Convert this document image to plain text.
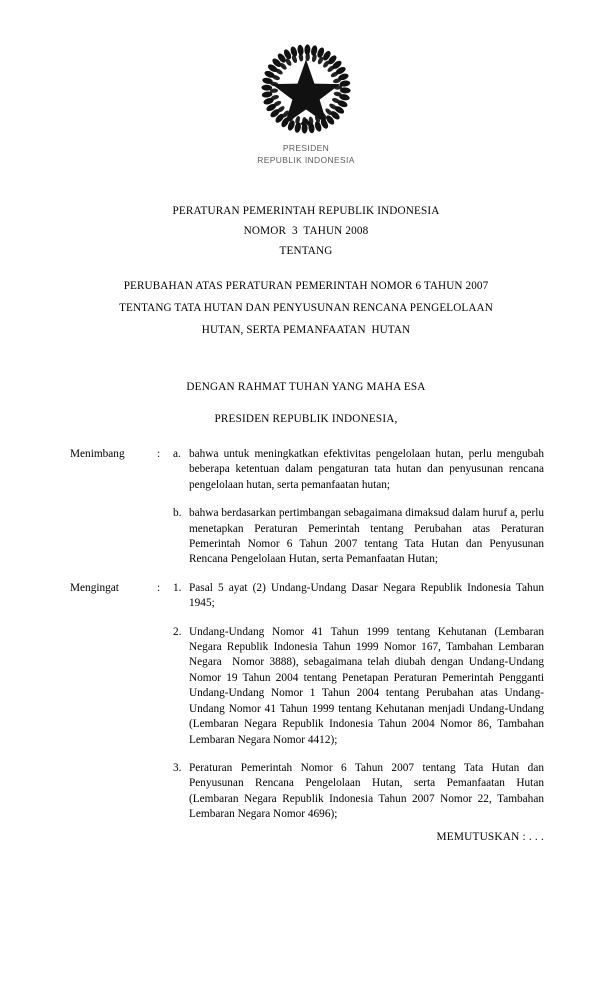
PRESIDEN
REPUBLIK INDONESIA
PERATURAN PEMERINTAH REPUBLIK INDONESIA
NOMOR  3  TAHUN 2008
TENTANG
PERUBAHAN ATAS PERATURAN PEMERINTAH NOMOR 6 TAHUN 2007
TENTANG TATA HUTAN DAN PENYUSUNAN RENCANA PENGELOLAAN
HUTAN, SERTA PEMANFAATAN  HUTAN
DENGAN RAHMAT TUHAN YANG MAHA ESA
PRESIDEN REPUBLIK INDONESIA,
Menimbang	:	a. bahwa untuk meningkatkan efektivitas pengelolaan hutan, perlu mengubah beberapa ketentuan dalam pengaturan tata hutan dan penyusunan rencana pengelolaan hutan, serta pemanfaatan hutan;
b. bahwa berdasarkan pertimbangan sebagaimana dimaksud dalam huruf a, perlu menetapkan Peraturan Pemerintah tentang Perubahan atas Peraturan Pemerintah Nomor 6 Tahun 2007 tentang Tata Hutan dan Penyusunan Rencana Pengelolaan Hutan, serta Pemanfaatan Hutan;
Mengingat	:	1. Pasal 5 ayat (2) Undang-Undang Dasar Negara Republik Indonesia Tahun 1945;
2. Undang-Undang Nomor 41 Tahun 1999 tentang Kehutanan (Lembaran Negara Republik Indonesia Tahun 1999 Nomor 167, Tambahan Lembaran Negara  Nomor 3888), sebagaimana telah diubah dengan Undang-Undang Nomor 19 Tahun 2004 tentang Penetapan Peraturan Pemerintah Pengganti Undang-Undang Nomor 1 Tahun 2004 tentang Perubahan atas Undang-Undang Nomor 41 Tahun 1999 tentang Kehutanan menjadi Undang-Undang (Lembaran Negara Republik Indonesia Tahun 2004 Nomor 86, Tambahan Lembaran Negara Nomor 4412);
3. Peraturan Pemerintah Nomor 6 Tahun 2007 tentang Tata Hutan dan Penyusunan Rencana Pengelolaan Hutan, serta Pemanfaatan Hutan (Lembaran Negara Republik Indonesia Tahun 2007 Nomor 22, Tambahan Lembaran Negara Nomor 4696);
MEMUTUSKAN : . . .
